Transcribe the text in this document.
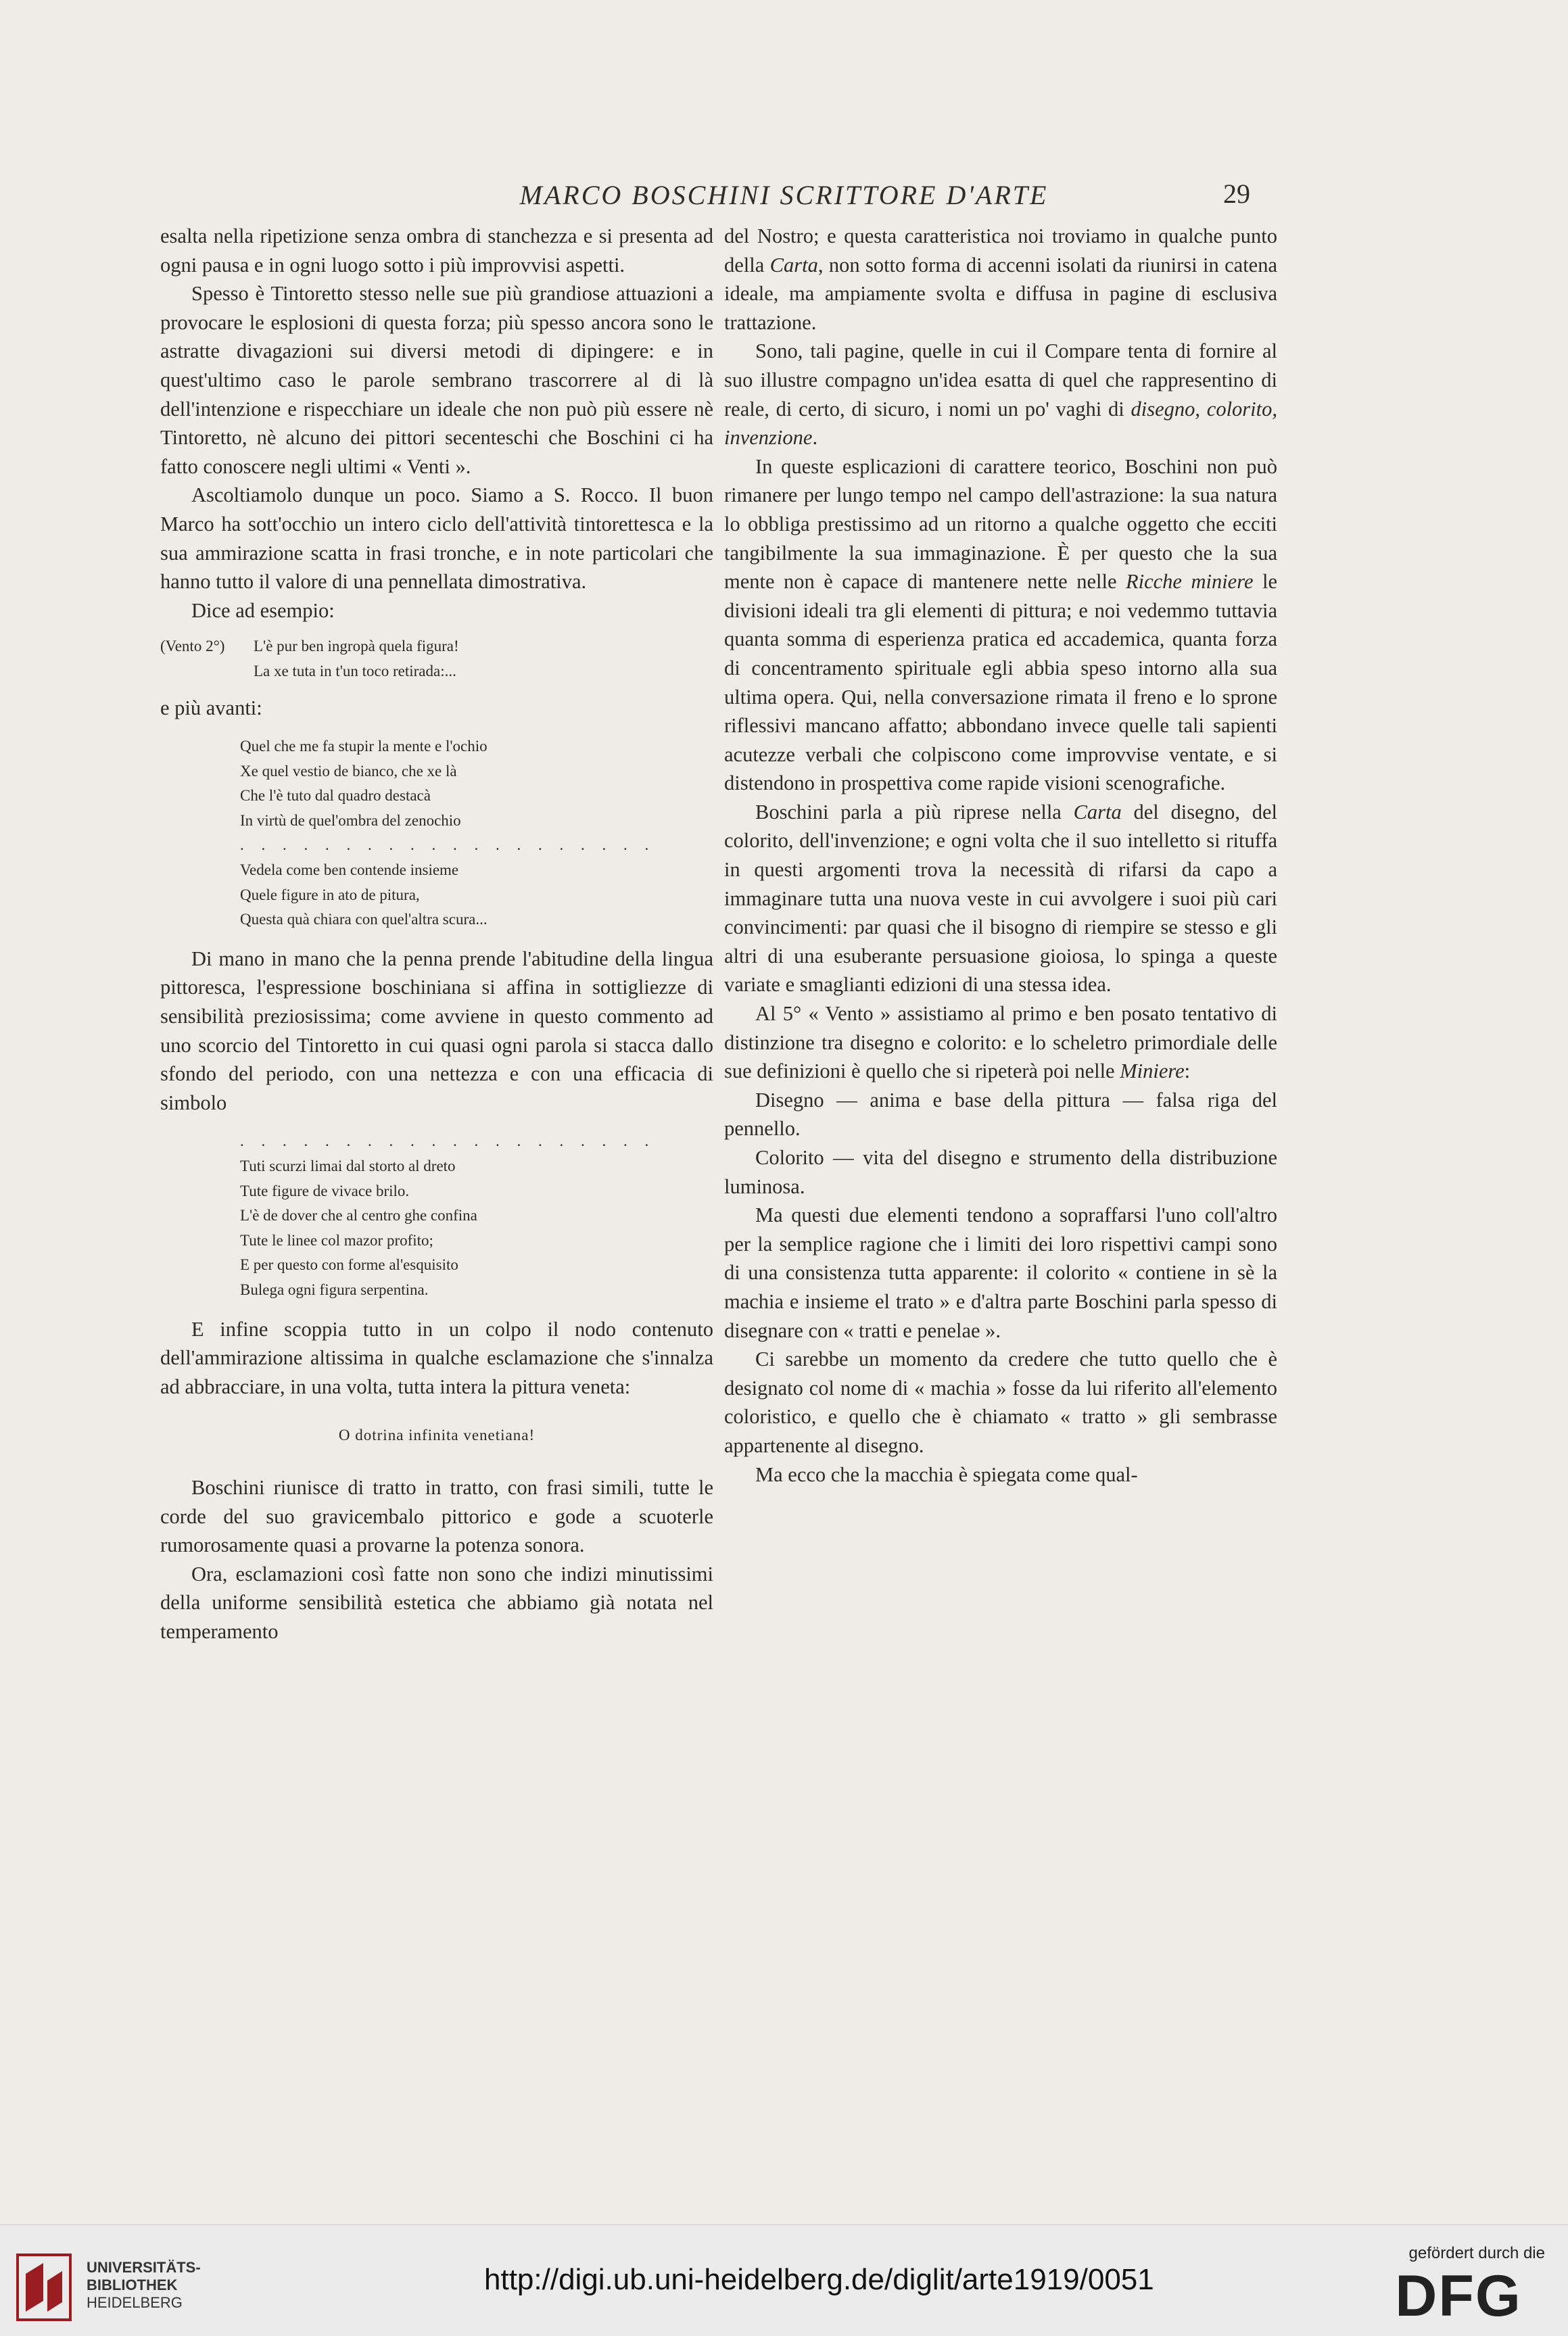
MARCO BOSCHINI SCRITTORE D'ARTE	29

esalta nella ripetizione senza ombra di stanchezza e si presenta ad ogni pausa e in ogni luogo sotto i più improvvisi aspetti.

Spesso è Tintoretto stesso nelle sue più grandiose attuazioni a provocare le esplosioni di questa forza; più spesso ancora sono le astratte divagazioni sui diversi metodi di dipingere: e in quest'ultimo caso le parole sembrano trascorrere al di là dell'intenzione e rispecchiare un ideale che non può più essere nè Tintoretto, nè alcuno dei pittori secenteschi che Boschini ci ha fatto conoscere negli ultimi « Venti ».

Ascoltiamolo dunque un poco. Siamo a S. Rocco. Il buon Marco ha sott'occhio un intero ciclo dell'attività tintorettesca e la sua ammirazione scatta in frasi tronche, e in note particolari che hanno tutto il valore di una pennellata dimostrativa.

Dice ad esempio:

(Vento 2°) L'è pur ben ingropà quela figura!
La xe tuta in t'un toco retirada:...

e più avanti:

Quel che me fa stupir la mente e l'ochio
Xe quel vestio de bianco, che xe là
Che l'è tuto dal quadro destacà
In virtù de quel'ombra del zenochio
. . . . . . . . . . . . . . . . . . . .
Vedela come ben contende insieme
Quele figure in ato de pitura,
Questa quà chiara con quel'altra scura...

Di mano in mano che la penna prende l'abitudine della lingua pittoresca, l'espressione boschiniana si affina in sottigliezze di sensibilità preziosissima; come avviene in questo commento ad uno scorcio del Tintoretto in cui quasi ogni parola si stacca dallo sfondo del periodo, con una nettezza e con una efficacia di simbolo

. . . . . . . . . . . . . . . . . . . .
Tuti scurzi limai dal storto al dreto
Tute figure de vivace brilo.
L'è de dover che al centro ghe confina
Tute le linee col mazor profito;
E per questo con forme al'esquisito
Bulega ogni figura serpentina.

E infine scoppia tutto in un colpo il nodo contenuto dell'ammirazione altissima in qualche esclamazione che s'innalza ad abbracciare, in una volta, tutta intera la pittura veneta:

O dotrina infinita venetiana!

Boschini riunisce di tratto in tratto, con frasi simili, tutte le corde del suo gravicembalo pittorico e gode a scuoterle rumorosamente quasi a provarne la potenza sonora.

Ora, esclamazioni così fatte non sono che indizi minutissimi della uniforme sensibilità estetica che abbiamo già notata nel temperamento

del Nostro; e questa caratteristica noi troviamo in qualche punto della Carta, non sotto forma di accenni isolati da riunirsi in catena ideale, ma ampiamente svolta e diffusa in pagine di esclusiva trattazione.

Sono, tali pagine, quelle in cui il Compare tenta di fornire al suo illustre compagno un'idea esatta di quel che rappresentino di reale, di certo, di sicuro, i nomi un po' vaghi di disegno, colorito, invenzione.

In queste esplicazioni di carattere teorico, Boschini non può rimanere per lungo tempo nel campo dell'astrazione: la sua natura lo obbliga prestissimo ad un ritorno a qualche oggetto che ecciti tangibilmente la sua immaginazione. È per questo che la sua mente non è capace di mantenere nette nelle Ricche miniere le divisioni ideali tra gli elementi di pittura; e noi vedemmo tuttavia quanta somma di esperienza pratica ed accademica, quanta forza di concentramento spirituale egli abbia speso intorno alla sua ultima opera. Qui, nella conversazione rimata il freno e lo sprone riflessivi mancano affatto; abbondano invece quelle tali sapienti acutezze verbali che colpiscono come improvvise ventate, e si distendono in prospettiva come rapide visioni scenografiche.

Boschini parla a più riprese nella Carta del disegno, del colorito, dell'invenzione; e ogni volta che il suo intelletto si rituffa in questi argomenti trova la necessità di rifarsi da capo a immaginare tutta una nuova veste in cui avvolgere i suoi più cari convincimenti: par quasi che il bisogno di riempire se stesso e gli altri di una esuberante persuasione gioiosa, lo spinga a queste variate e smaglianti edizioni di una stessa idea.

Al 5° « Vento » assistiamo al primo e ben posato tentativo di distinzione tra disegno e colorito: e lo scheletro primordiale delle sue definizioni è quello che si ripeterà poi nelle Miniere:

Disegno — anima e base della pittura — falsa riga del pennello.

Colorito — vita del disegno e strumento della distribuzione luminosa.

Ma questi due elementi tendono a sopraffarsi l'uno coll'altro per la semplice ragione che i limiti dei loro rispettivi campi sono di una consistenza tutta apparente: il colorito « contiene in sè la machia e insieme el trato » e d'altra parte Boschini parla spesso di disegnare con « tratti e penelae ».

Ci sarebbe un momento da credere che tutto quello che è designato col nome di « machia » fosse da lui riferito all'elemento coloristico, e quello che è chiamato « tratto » gli sembrasse appartenente al disegno.

Ma ecco che la macchia è spiegata come qual-

UNIVERSITÄTS-
BIBLIOTHEK
HEIDELBERG
http://digi.ub.uni-heidelberg.de/diglit/arte1919/0051
gefördert durch die
DFG
